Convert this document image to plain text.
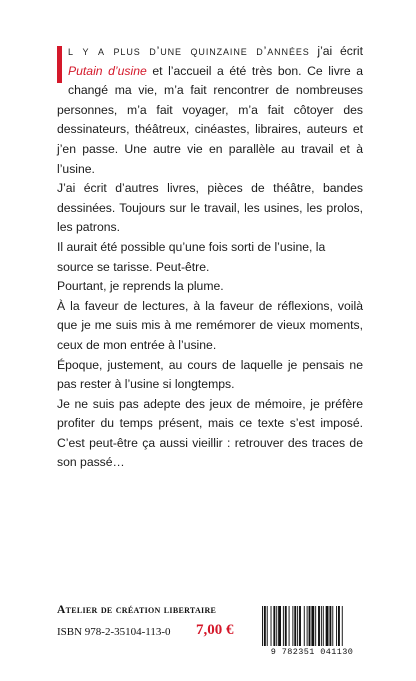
l y a plus d’une quinzaine d’années j’ai écrit Putain d’usine et l’accueil a été très bon. Ce livre a changé ma vie, m’a fait rencontrer de nombreuses personnes, m’a fait voyager, m’a fait côtoyer des dessinateurs, théâtreux, cinéastes, libraires, auteurs et j’en passe. Une autre vie en parallèle au travail et à l’usine.

J’ai écrit d’autres livres, pièces de théâtre, bandes dessinées. Toujours sur le travail, les usines, les prolos, les patrons.

Il aurait été possible qu’une fois sorti de l’usine, la source se tarisse. Peut-être.

Pourtant, je reprends la plume.

À la faveur de lectures, à la faveur de réflexions, voilà que je me suis mis à me remémorer de vieux moments, ceux de mon entrée à l’usine.

Époque, justement, au cours de laquelle je pensais ne pas rester à l’usine si longtemps.

Je ne suis pas adepte des jeux de mémoire, je préfère profiter du temps présent, mais ce texte s’est imposé. C’est peut-être ça aussi vieillir : retrouver des traces de son passé…

Atelier de création libertaire
ISBN 978-2-35104-113-0 7,00 €
9 782351 041130
